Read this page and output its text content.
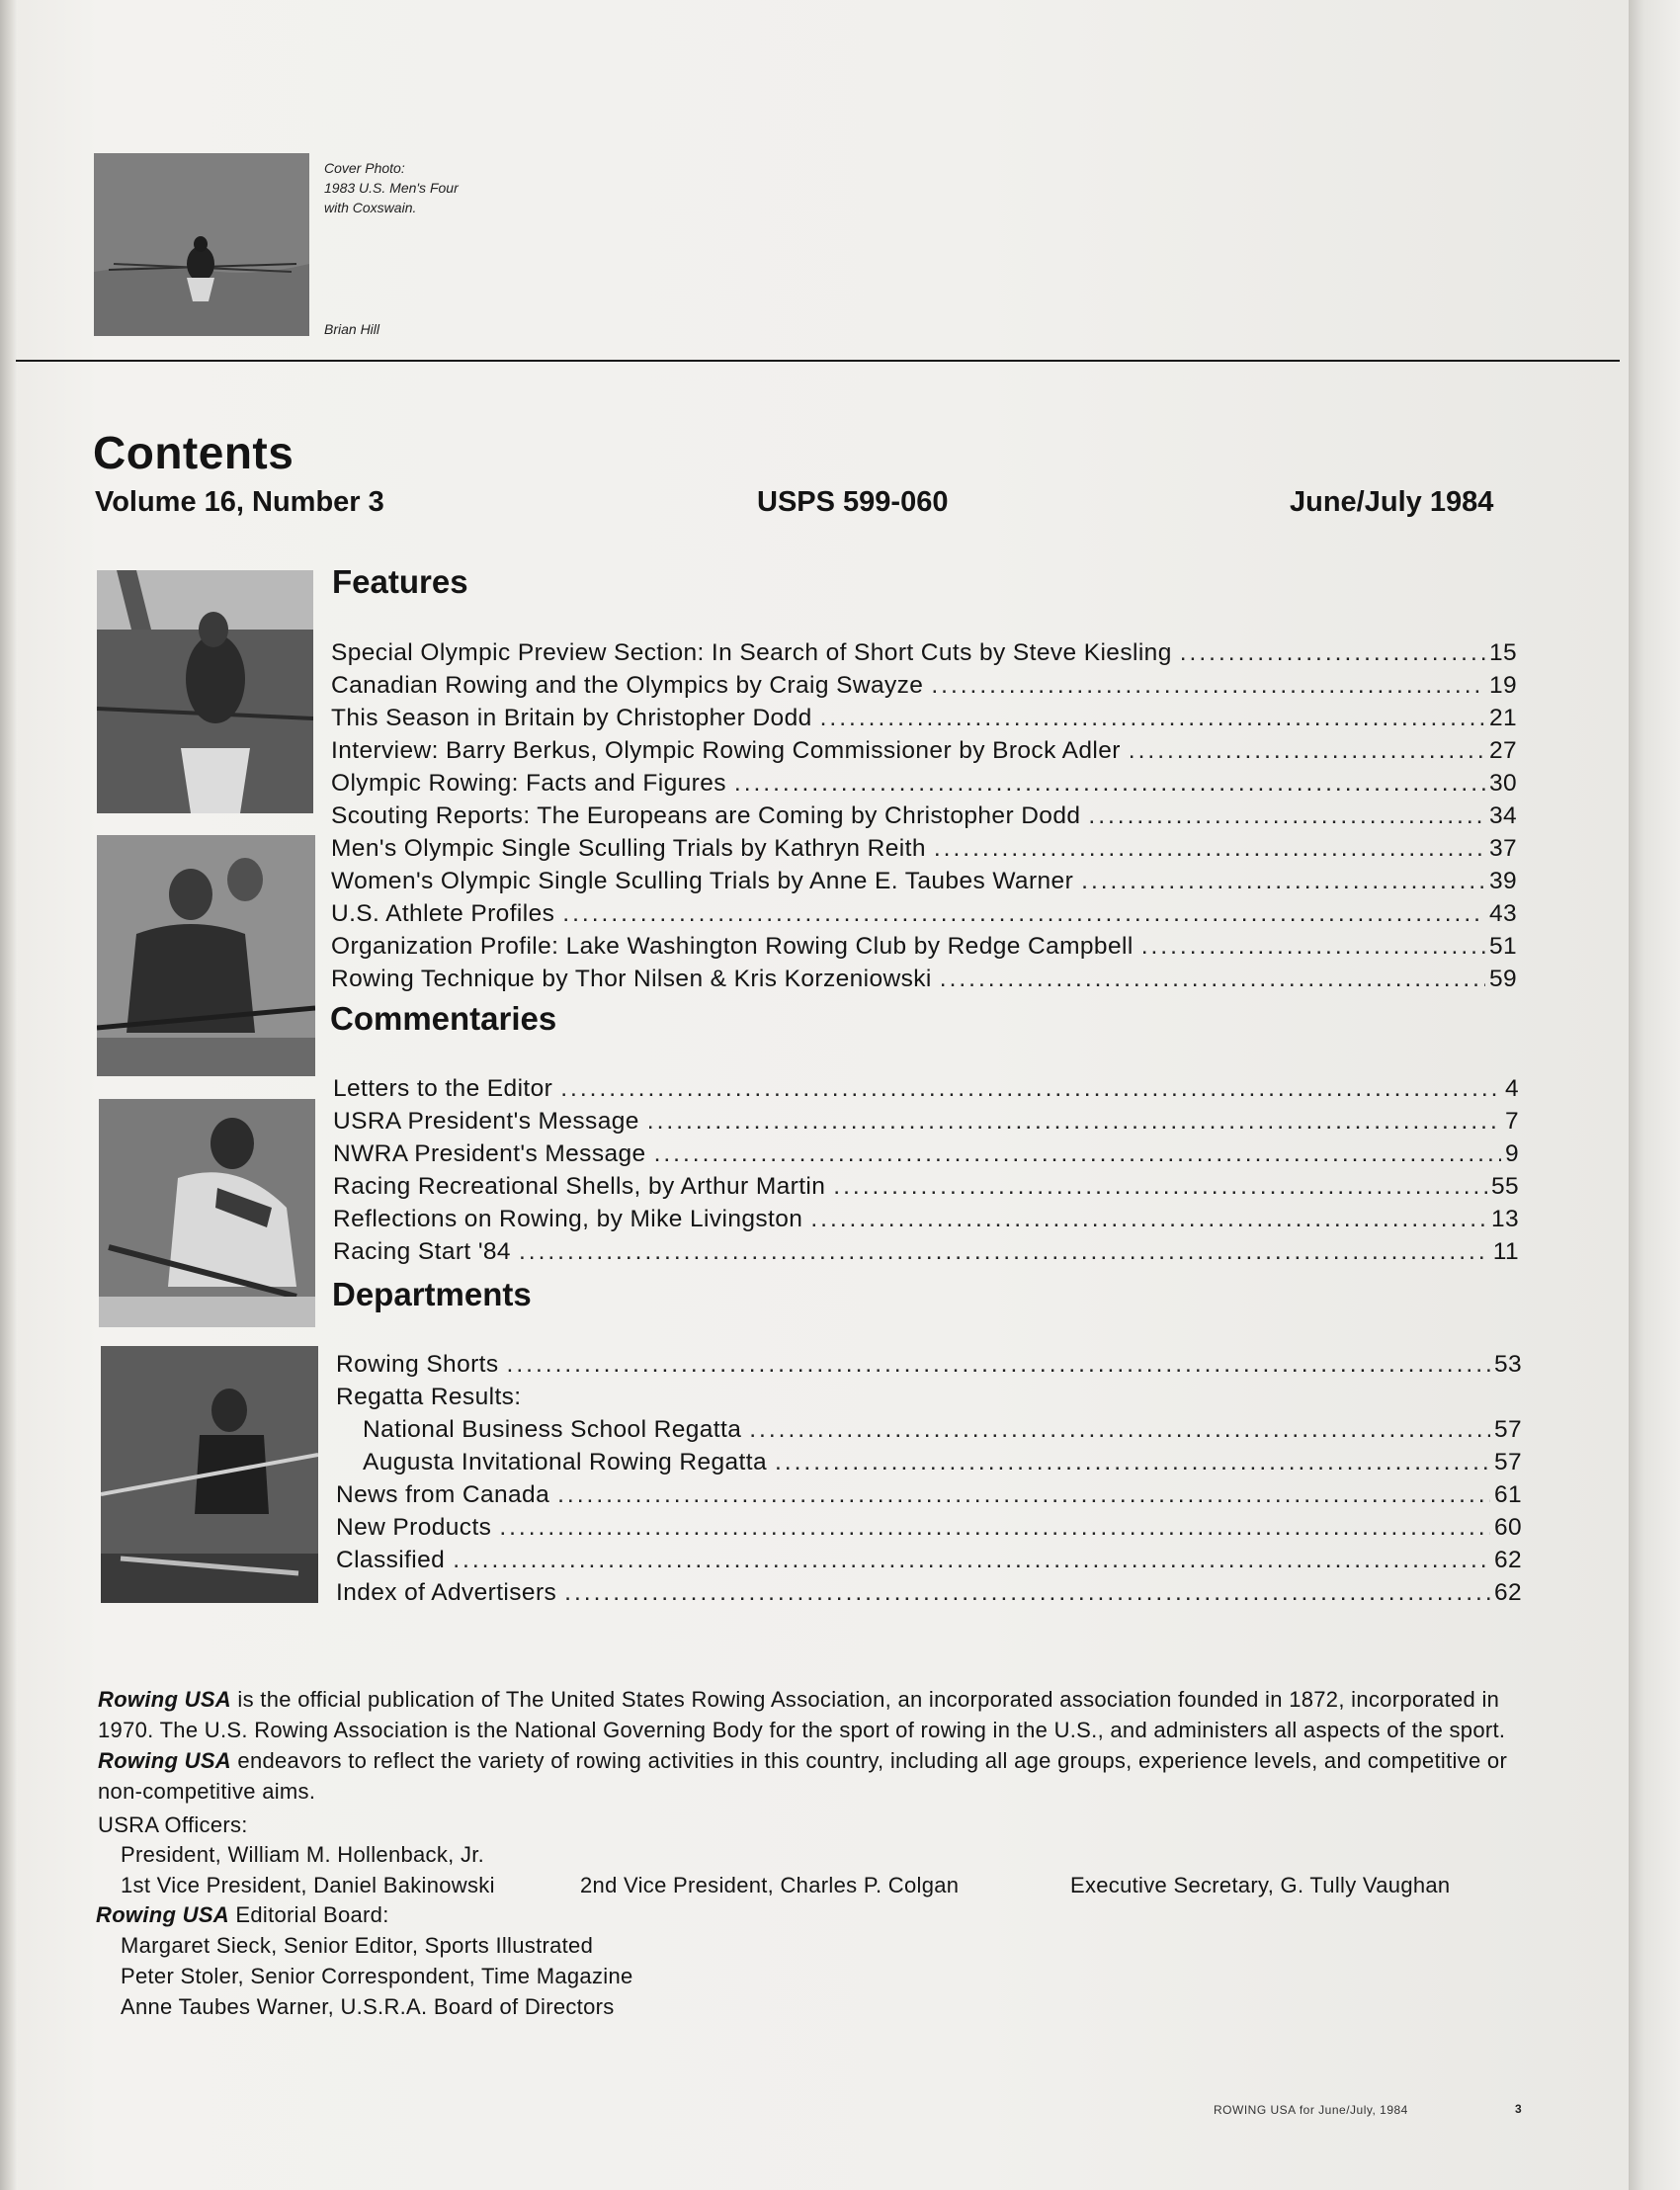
Cover Photo:
1983 U.S. Men's Four
with Coxswain.
Brian Hill
Contents
Volume 16, Number 3	USPS 599-060	June/July 1984
Features
Special Olympic Preview Section: In Search of Short Cuts by Steve Kiesling .....	15
Canadian Rowing and the Olympics by Craig Swayze .....	19
This Season in Britain by Christopher Dodd .....	21
Interview: Barry Berkus, Olympic Rowing Commissioner by Brock Adler .....	27
Olympic Rowing: Facts and Figures .....	30
Scouting Reports: The Europeans are Coming by Christopher Dodd .....	34
Men's Olympic Single Sculling Trials by Kathryn Reith .....	37
Women's Olympic Single Sculling Trials by Anne E. Taubes Warner .....	39
U.S. Athlete Profiles .....	43
Organization Profile: Lake Washington Rowing Club by Redge Campbell .....	51
Rowing Technique by Thor Nilsen & Kris Korzeniowski .....	59
Commentaries
Letters to the Editor .....	4
USRA President's Message .....	7
NWRA President's Message .....	9
Racing Recreational Shells, by Arthur Martin .....	55
Reflections on Rowing, by Mike Livingston .....	13
Racing Start '84 .....	11
Departments
Rowing Shorts .....	53
Regatta Results:
National Business School Regatta .....	57
Augusta Invitational Rowing Regatta .....	57
News from Canada .....	61
New Products .....	60
Classified .....	62
Index of Advertisers .....	62
Rowing USA is the official publication of The United States Rowing Association, an incorporated association founded in 1872, incorporated in 1970. The U.S. Rowing Association is the National Governing Body for the sport of rowing in the U.S., and administers all aspects of the sport. Rowing USA endeavors to reflect the variety of rowing activities in this country, including all age groups, experience levels, and competitive or non-competitive aims.
USRA Officers:
President, William M. Hollenback, Jr.
1st Vice President, Daniel Bakinowski	2nd Vice President, Charles P. Colgan	Executive Secretary, G. Tully Vaughan
Rowing USA Editorial Board:
Margaret Sieck, Senior Editor, Sports Illustrated
Peter Stoler, Senior Correspondent, Time Magazine
Anne Taubes Warner, U.S.R.A. Board of Directors
ROWING USA for June/July, 1984	3
